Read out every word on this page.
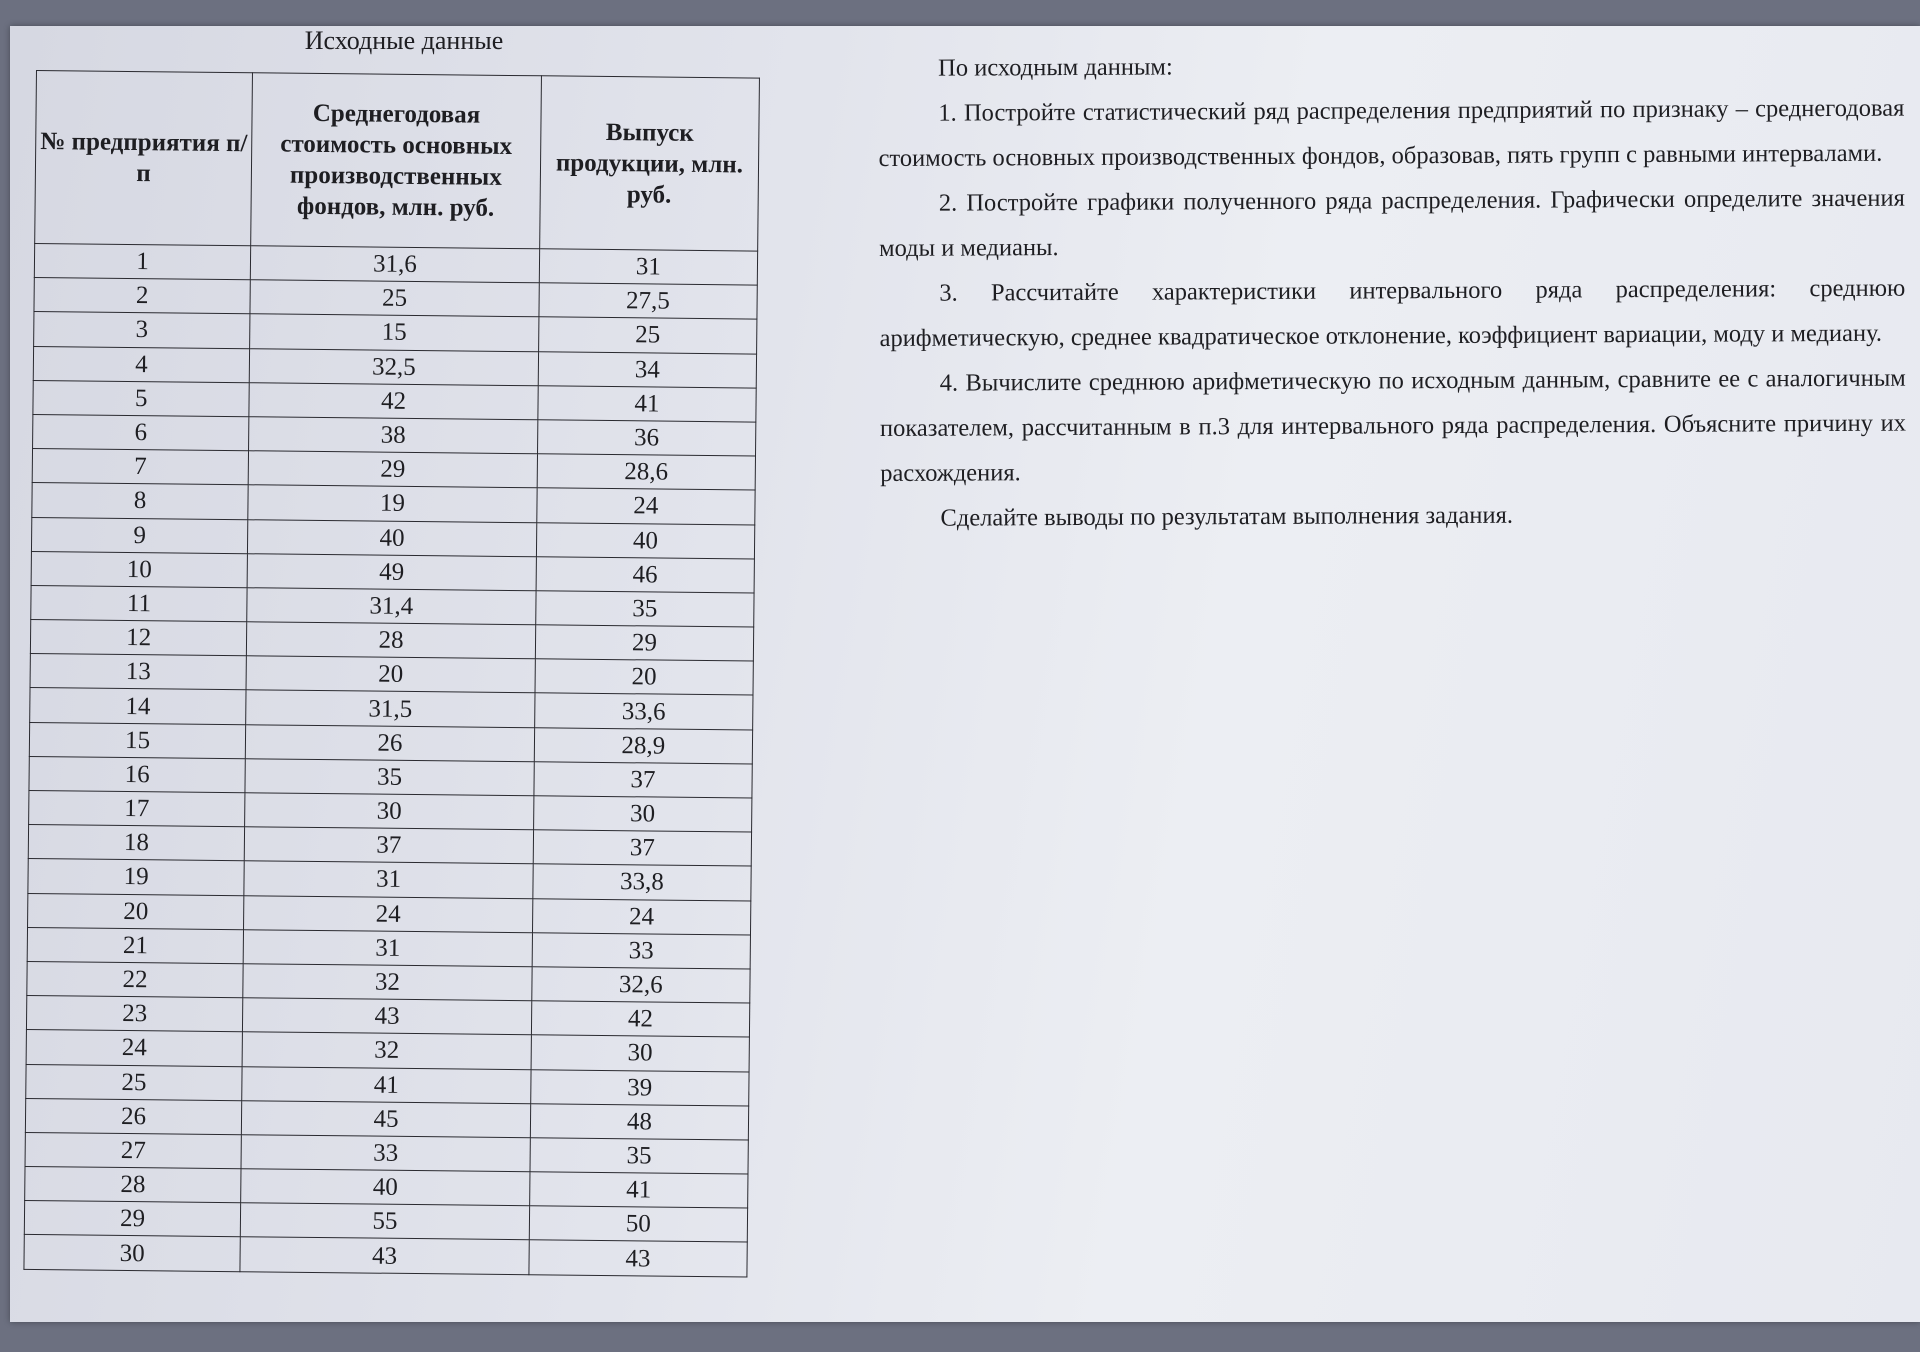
Исходные данные
№ предприятия п/п	Среднегодовая стоимость основных производственных фондов, млн. руб.	Выпуск продукции, млн. руб.
1	31,6	31
2	25	27,5
3	15	25
4	32,5	34
5	42	41
6	38	36
7	29	28,6
8	19	24
9	40	40
10	49	46
11	31,4	35
12	28	29
13	20	20
14	31,5	33,6
15	26	28,9
16	35	37
17	30	30
18	37	37
19	31	33,8
20	24	24
21	31	33
22	32	32,6
23	43	42
24	32	30
25	41	39
26	45	48
27	33	35
28	40	41
29	55	50
30	43	43

По исходным данным:

1. Постройте статистический ряд распределения предприятий по признаку – среднегодовая стоимость основных производственных фондов, образовав, пять групп с равными интервалами.

2. Постройте графики полученного ряда распределения. Графически определите значения моды и медианы.

3. Рассчитайте характеристики интервального ряда распределения: среднюю арифметическую, среднее квадратическое отклонение, коэффициент вариации, моду и медиану.

4. Вычислите среднюю арифметическую по исходным данным, сравните ее с аналогичным показателем, рассчитанным в п.3 для интервального ряда распределения. Объясните причину их расхождения.

Сделайте выводы по результатам выполнения задания.
